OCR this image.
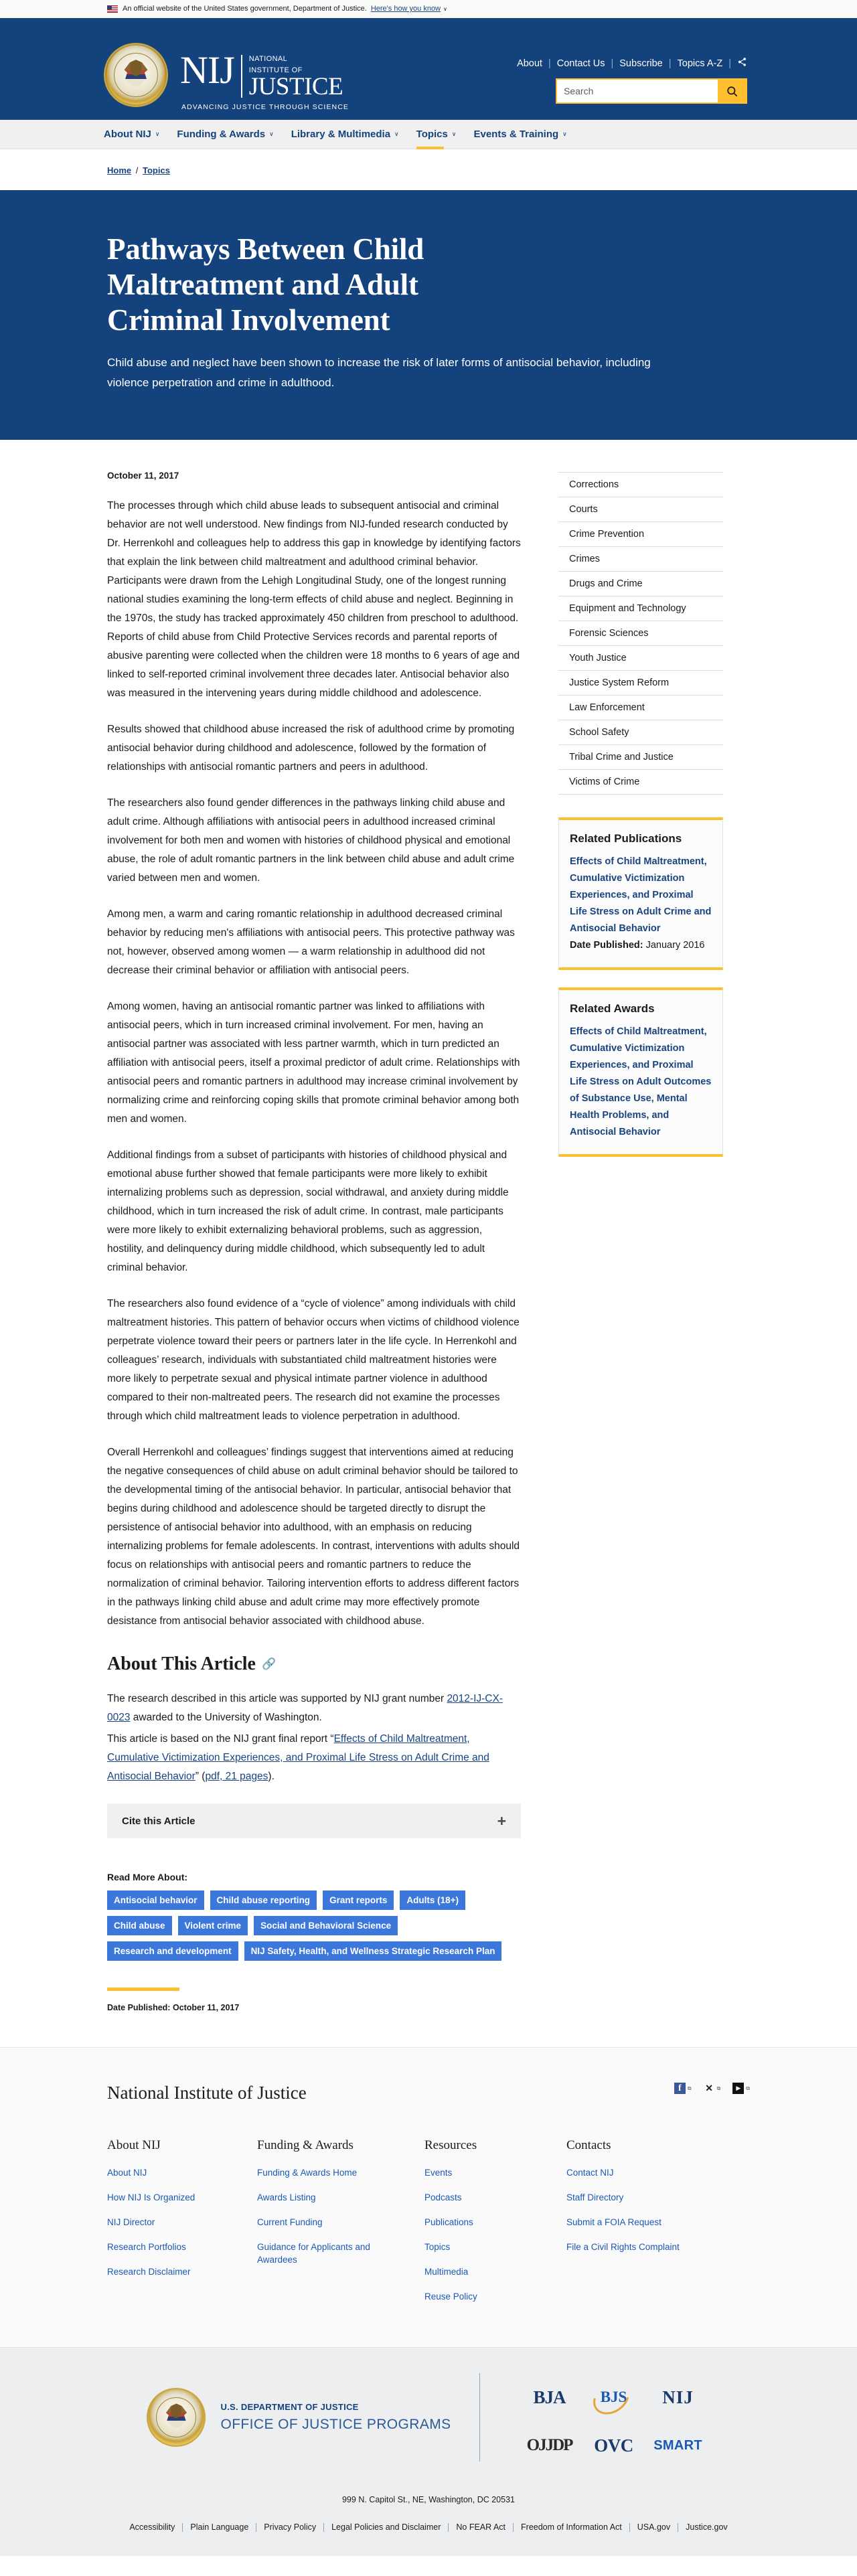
An official website of the United States government, Department of Justice. Here's how you know ∨
NIJ NATIONAL
INSTITUTE OF
JUSTICE
ADVANCING JUSTICE THROUGH SCIENCE
About | Contact Us | Subscribe | Topics A-Z |
Search
About NIJ ∨ Funding & Awards ∨ Library & Multimedia ∨ Topics ∨ Events & Training ∨
Home / Topics
Pathways Between Child Maltreatment and Adult Criminal Involvement

Child abuse and neglect have been shown to increase the risk of later forms of antisocial behavior, including violence perpetration and crime in adulthood.

October 11, 2017

The processes through which child abuse leads to subsequent antisocial and criminal behavior are not well understood. New findings from NIJ-funded research conducted by Dr. Herrenkohl and colleagues help to address this gap in knowledge by identifying factors that explain the link between child maltreatment and adulthood criminal behavior. Participants were drawn from the Lehigh Longitudinal Study, one of the longest running national studies examining the long-term effects of child abuse and neglect. Beginning in the 1970s, the study has tracked approximately 450 children from preschool to adulthood. Reports of child abuse from Child Protective Services records and parental reports of abusive parenting were collected when the children were 18 months to 6 years of age and linked to self-reported criminal involvement three decades later. Antisocial behavior also was measured in the intervening years during middle childhood and adolescence.

Results showed that childhood abuse increased the risk of adulthood crime by promoting antisocial behavior during childhood and adolescence, followed by the formation of relationships with antisocial romantic partners and peers in adulthood.

The researchers also found gender differences in the pathways linking child abuse and adult crime. Although affiliations with antisocial peers in adulthood increased criminal involvement for both men and women with histories of childhood physical and emotional abuse, the role of adult romantic partners in the link between child abuse and adult crime varied between men and women.

Among men, a warm and caring romantic relationship in adulthood decreased criminal behavior by reducing men's affiliations with antisocial peers. This protective pathway was not, however, observed among women — a warm relationship in adulthood did not decrease their criminal behavior or affiliation with antisocial peers.

Among women, having an antisocial romantic partner was linked to affiliations with antisocial peers, which in turn increased criminal involvement. For men, having an antisocial partner was associated with less partner warmth, which in turn predicted an affiliation with antisocial peers, itself a proximal predictor of adult crime. Relationships with antisocial peers and romantic partners in adulthood may increase criminal involvement by normalizing crime and reinforcing coping skills that promote criminal behavior among both men and women.

Additional findings from a subset of participants with histories of childhood physical and emotional abuse further showed that female participants were more likely to exhibit internalizing problems such as depression, social withdrawal, and anxiety during middle childhood, which in turn increased the risk of adult crime. In contrast, male participants were more likely to exhibit externalizing behavioral problems, such as aggression, hostility, and delinquency during middle childhood, which subsequently led to adult criminal behavior.

The researchers also found evidence of a “cycle of violence” among individuals with child maltreatment histories. This pattern of behavior occurs when victims of childhood violence perpetrate violence toward their peers or partners later in the life cycle. In Herrenkohl and colleagues’ research, individuals with substantiated child maltreatment histories were more likely to perpetrate sexual and physical intimate partner violence in adulthood compared to their non-maltreated peers. The research did not examine the processes through which child maltreatment leads to violence perpetration in adulthood.

Overall Herrenkohl and colleagues’ findings suggest that interventions aimed at reducing the negative consequences of child abuse on adult criminal behavior should be tailored to the developmental timing of the antisocial behavior. In particular, antisocial behavior that begins during childhood and adolescence should be targeted directly to disrupt the persistence of antisocial behavior into adulthood, with an emphasis on reducing internalizing problems for female adolescents. In contrast, interventions with adults should focus on relationships with antisocial peers and romantic partners to reduce the normalization of criminal behavior. Tailoring intervention efforts to address different factors in the pathways linking child abuse and adult crime may more effectively promote desistance from antisocial behavior associated with childhood abuse.

About This Article 🔗

The research described in this article was supported by NIJ grant number 2012-IJ-CX-0023 awarded to the University of Washington.

This article is based on the NIJ grant final report “Effects of Child Maltreatment, Cumulative Victimization Experiences, and Proximal Life Stress on Adult Crime and Antisocial Behavior” (pdf, 21 pages).

Cite this Article	+
Read More About:
Antisocial behavior	Child abuse reporting	Grant reports	Adults (18+)
Child abuse	Violent crime	Social and Behavioral Science
Research and development	NIJ Safety, Health, and Wellness Strategic Research Plan
Date Published: October 11, 2017
Corrections
Courts
Crime Prevention
Crimes
Drugs and Crime
Equipment and Technology
Forensic Sciences
Youth Justice
Justice System Reform
Law Enforcement
School Safety
Tribal Crime and Justice
Victims of Crime
Related Publications
Effects of Child Maltreatment, Cumulative Victimization Experiences, and Proximal Life Stress on Adult Crime and Antisocial Behavior
Date Published: January 2016
Related Awards
Effects of Child Maltreatment, Cumulative Victimization Experiences, and Proximal Life Stress on Adult Outcomes of Substance Use, Mental Health Problems, and Antisocial Behavior
National Institute of Justice	f	⧉ ✕ ⧉	▶	⧉
About NIJ
About NIJ
How NIJ Is Organized
NIJ Director
Research Portfolios
Research Disclaimer
Funding & Awards
Funding & Awards Home
Awards Listing
Current Funding
Guidance for Applicants and Awardees
Resources
Events
Podcasts
Publications
Topics
Multimedia
Reuse Policy
Contacts
Contact NIJ
Staff Directory
Submit a FOIA Request
File a Civil Rights Complaint
U.S. DEPARTMENT OF JUSTICE
OFFICE OF JUSTICE PROGRAMS
BJA BJS NIJ
OJJDP OVC SMART
999 N. Capitol St., NE, Washington, DC 20531
Accessibility	Plain Language	Privacy Policy	Legal Policies and Disclaimer	No FEAR Act	Freedom of Information Act	USA.gov	Justice.gov
